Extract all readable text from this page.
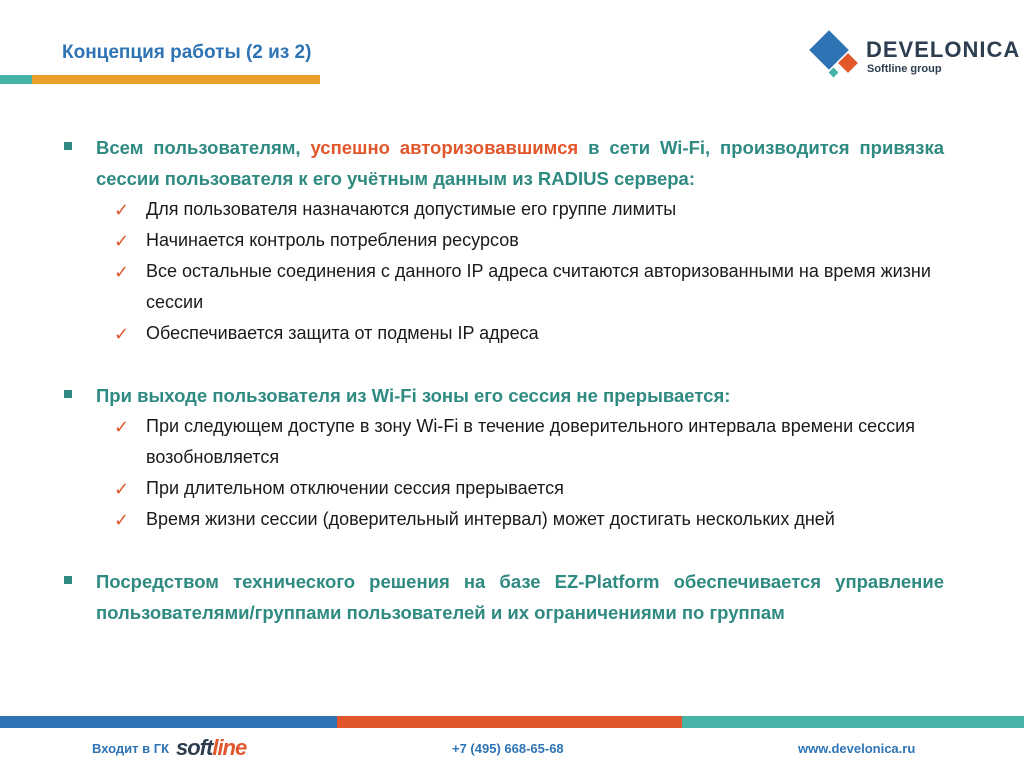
Концепция работы (2 из 2)	DEVELONICA
Softline group
Всем пользователям, успешно авторизовавшимся в сети Wi-Fi, производится привязка сессии пользователя к его учётным данным из RADIUS сервера:
✓ Для пользователя назначаются допустимые его группе лимиты
✓ Начинается контроль потребления ресурсов
✓ Все остальные соединения с данного IP адреса считаются авторизованными на время жизни сессии
✓ Обеспечивается защита от подмены IP адреса
При выходе пользователя из Wi-Fi зоны его сессия не прерывается:
✓ При следующем доступе в зону Wi-Fi в течение доверительного интервала времени сессия возобновляется
✓ При длительном отключении сессия прерывается
✓ Время жизни сессии (доверительный интервал) может достигать нескольких дней
Посредством технического решения на базе EZ-Platform обеспечивается управление пользователями/группами пользователей и их ограничениями по группам
Входит в ГК softline	+7 (495) 668-65-68	www.develonica.ru
